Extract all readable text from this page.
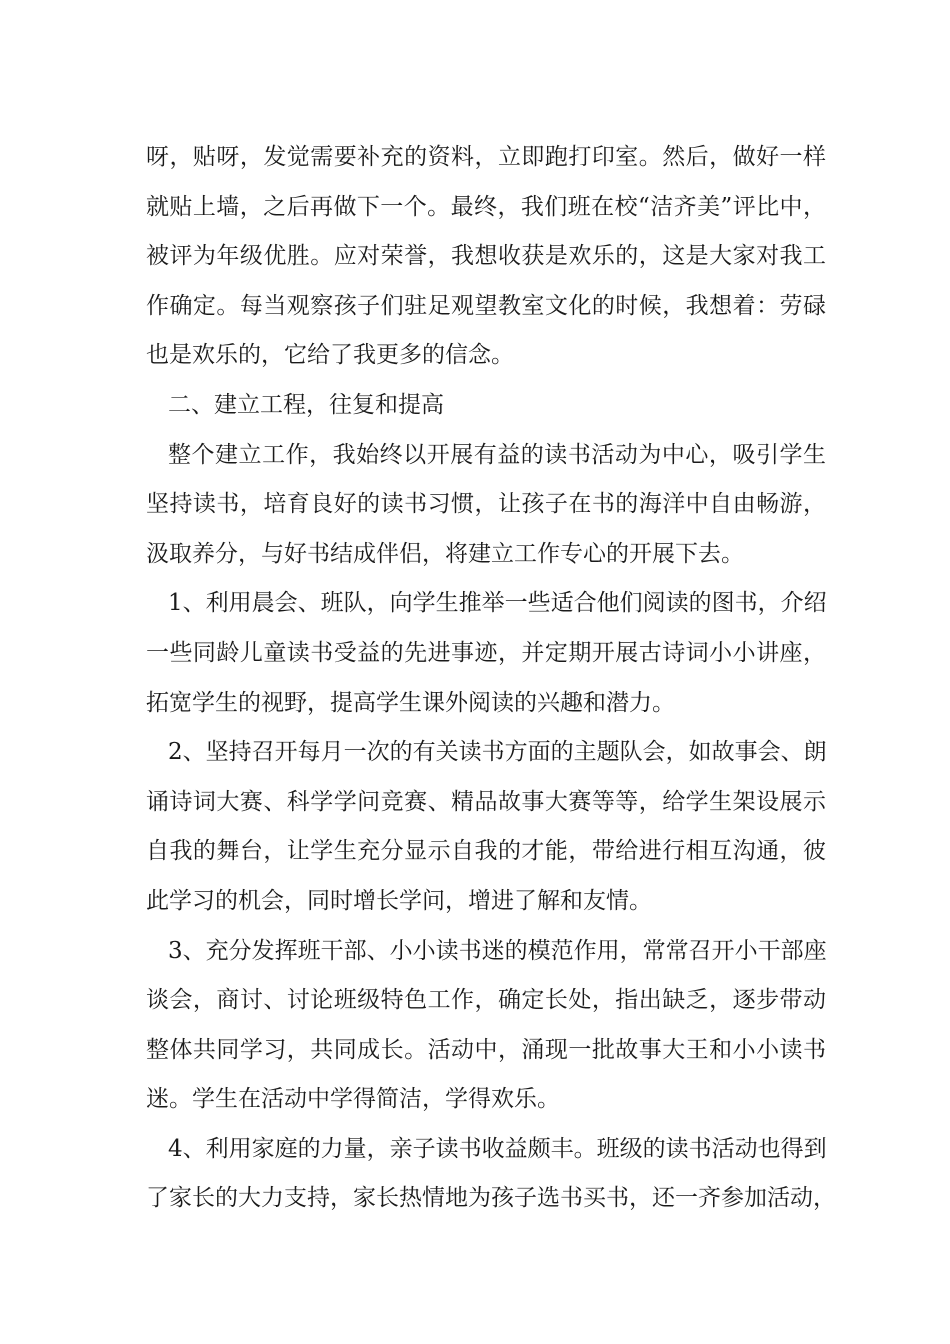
呀，贴呀，发觉需要补充的资料，立即跑打印室。然后，做好一样
就贴上墙，之后再做下一个。最终，我们班在校“洁齐美”评比中，
被评为年级优胜。应对荣誉，我想收获是欢乐的，这是大家对我工
作确定。每当观察孩子们驻足观望教室文化的时候，我想着：劳碌
也是欢乐的，它给了我更多的信念。
二、建立工程，往复和提高
整个建立工作，我始终以开展有益的读书活动为中心，吸引学生
坚持读书，培育良好的读书习惯，让孩子在书的海洋中自由畅游，
汲取养分，与好书结成伴侣，将建立工作专心的开展下去。
1、利用晨会、班队，向学生推举一些适合他们阅读的图书，介绍
一些同龄儿童读书受益的先进事迹，并定期开展古诗词小小讲座，
拓宽学生的视野，提高学生课外阅读的兴趣和潜力。
2、坚持召开每月一次的有关读书方面的主题队会，如故事会、朗
诵诗词大赛、科学学问竞赛、精品故事大赛等等，给学生架设展示
自我的舞台，让学生充分显示自我的才能，带给进行相互沟通，彼
此学习的机会，同时增长学问，增进了解和友情。
3、充分发挥班干部、小小读书迷的模范作用，常常召开小干部座
谈会，商讨、讨论班级特色工作，确定长处，指出缺乏，逐步带动
整体共同学习，共同成长。活动中，涌现一批故事大王和小小读书
迷。学生在活动中学得简洁，学得欢乐。
4、利用家庭的力量，亲子读书收益颇丰。班级的读书活动也得到
了家长的大力支持，家长热情地为孩子选书买书，还一齐参加活动，
